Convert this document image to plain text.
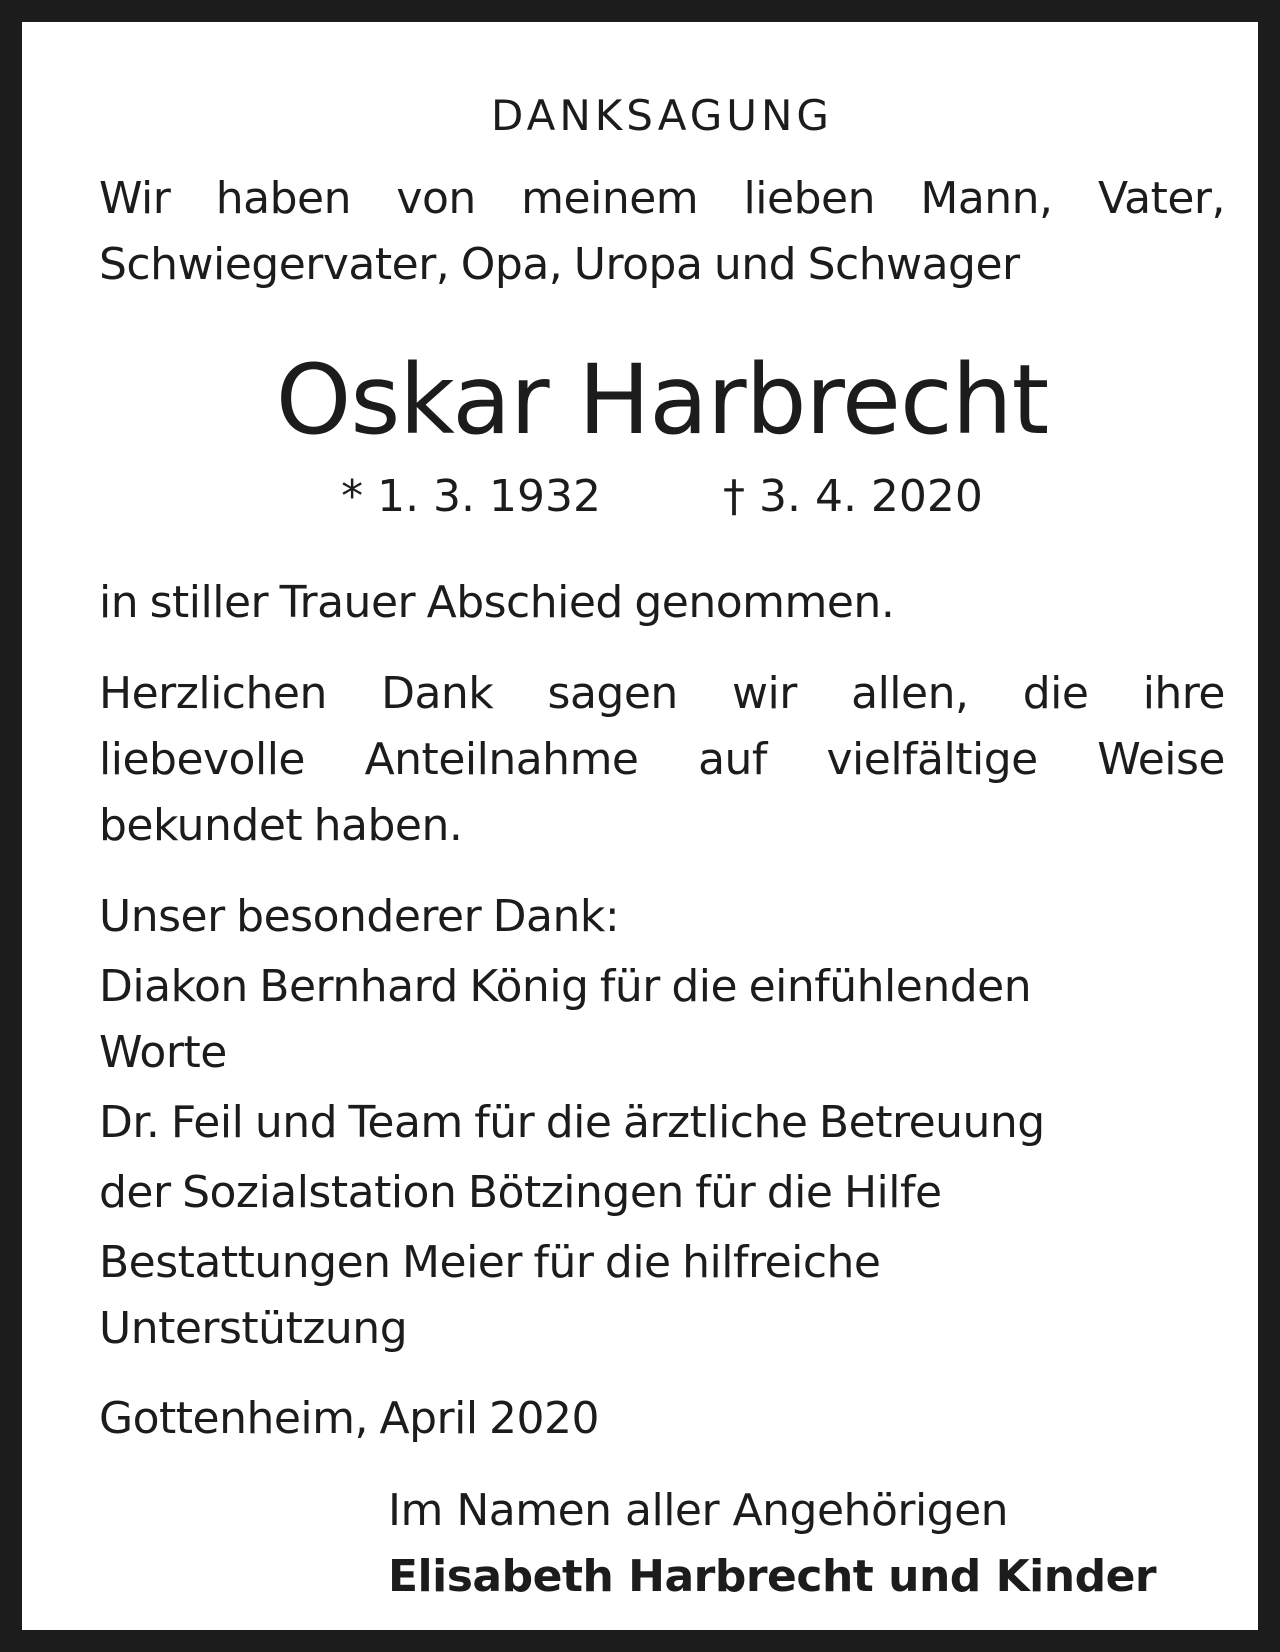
DANKSAGUNG
Wir haben von meinem lieben Mann, Vater,
Schwiegervater, Opa, Uropa und Schwager
Oskar Harbrecht
* 1. 3. 1932	† 3. 4. 2020
in stiller Trauer Abschied genommen.
Herzlichen Dank sagen wir allen, die ihre
liebevolle Anteilnahme auf vielfältige Weise
bekundet haben.
Unser besonderer Dank:
Diakon Bernhard König für die einfühlenden
Worte
Dr. Feil und Team für die ärztliche Betreuung
der Sozialstation Bötzingen für die Hilfe
Bestattungen Meier für die hilfreiche
Unterstützung
Gottenheim, April 2020
Im Namen aller Angehörigen
Elisabeth Harbrecht und Kinder
